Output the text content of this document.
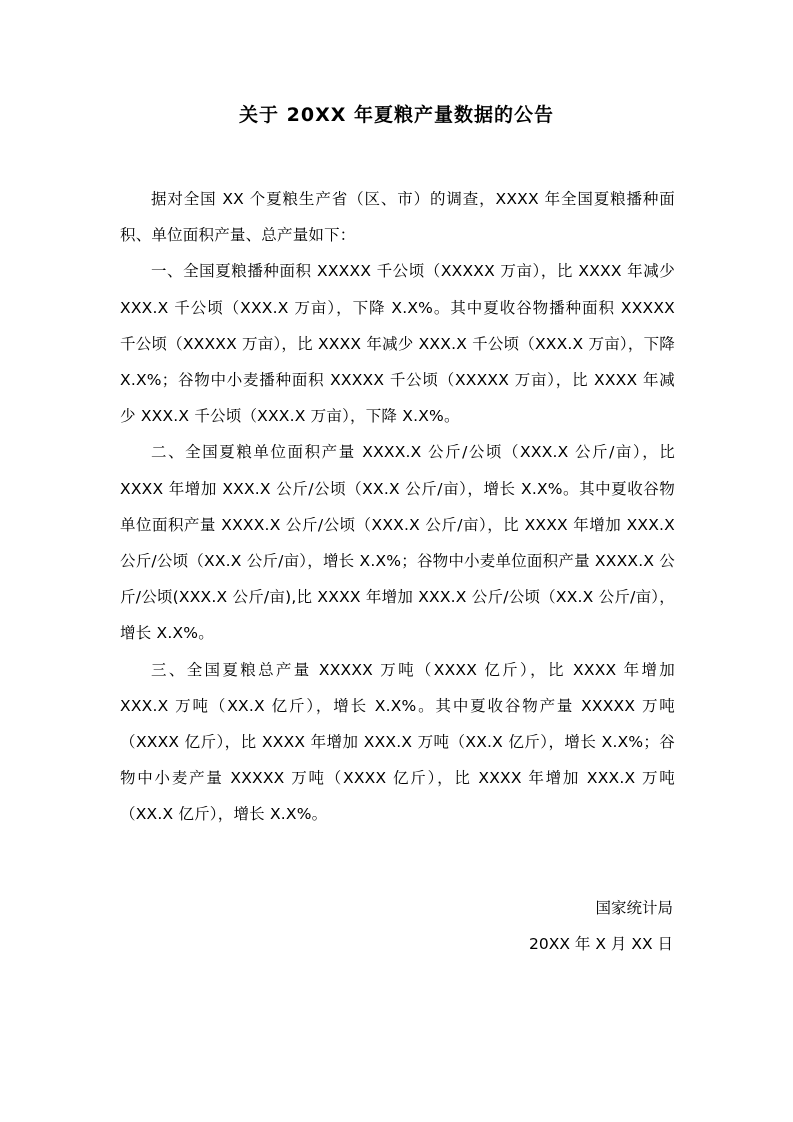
关于 20XX 年夏粮产量数据的公告

据对全国 XX 个夏粮生产省（区、市）的调查，XXXX 年全国夏粮播种面积、单位面积产量、总产量如下：

一、全国夏粮播种面积 XXXXX 千公顷（XXXXX 万亩），比 XXXX 年减少 XXX.X 千公顷（XXX.X 万亩），下降 X.X%。其中夏收谷物播种面积 XXXXX 千公顷（XXXXX 万亩），比 XXXX 年减少 XXX.X 千公顷（XXX.X 万亩），下降 X.X%；谷物中小麦播种面积 XXXXX 千公顷（XXXXX 万亩），比 XXXX 年减少 XXX.X 千公顷（XXX.X 万亩），下降 X.X%。

二、全国夏粮单位面积产量 XXXX.X 公斤/公顷（XXX.X 公斤/亩），比 XXXX 年增加 XXX.X 公斤/公顷（XX.X 公斤/亩），增长 X.X%。其中夏收谷物单位面积产量 XXXX.X 公斤/公顷（XXX.X 公斤/亩），比 XXXX 年增加 XXX.X 公斤/公顷（XX.X 公斤/亩），增长 X.X%；谷物中小麦单位面积产量 XXXX.X 公斤/公顷(XXX.X 公斤/亩),比 XXXX 年增加 XXX.X 公斤/公顷（XX.X 公斤/亩），增长 X.X%。

三、全国夏粮总产量 XXXXX 万吨（XXXX 亿斤），比 XXXX 年增加 XXX.X 万吨（XX.X 亿斤），增长 X.X%。其中夏收谷物产量 XXXXX 万吨（XXXX 亿斤），比 XXXX 年增加 XXX.X 万吨（XX.X 亿斤），增长 X.X%；谷物中小麦产量 XXXXX 万吨（XXXX 亿斤），比 XXXX 年增加 XXX.X 万吨（XX.X 亿斤），增长 X.X%。

国家统计局
20XX 年 X 月 XX 日
